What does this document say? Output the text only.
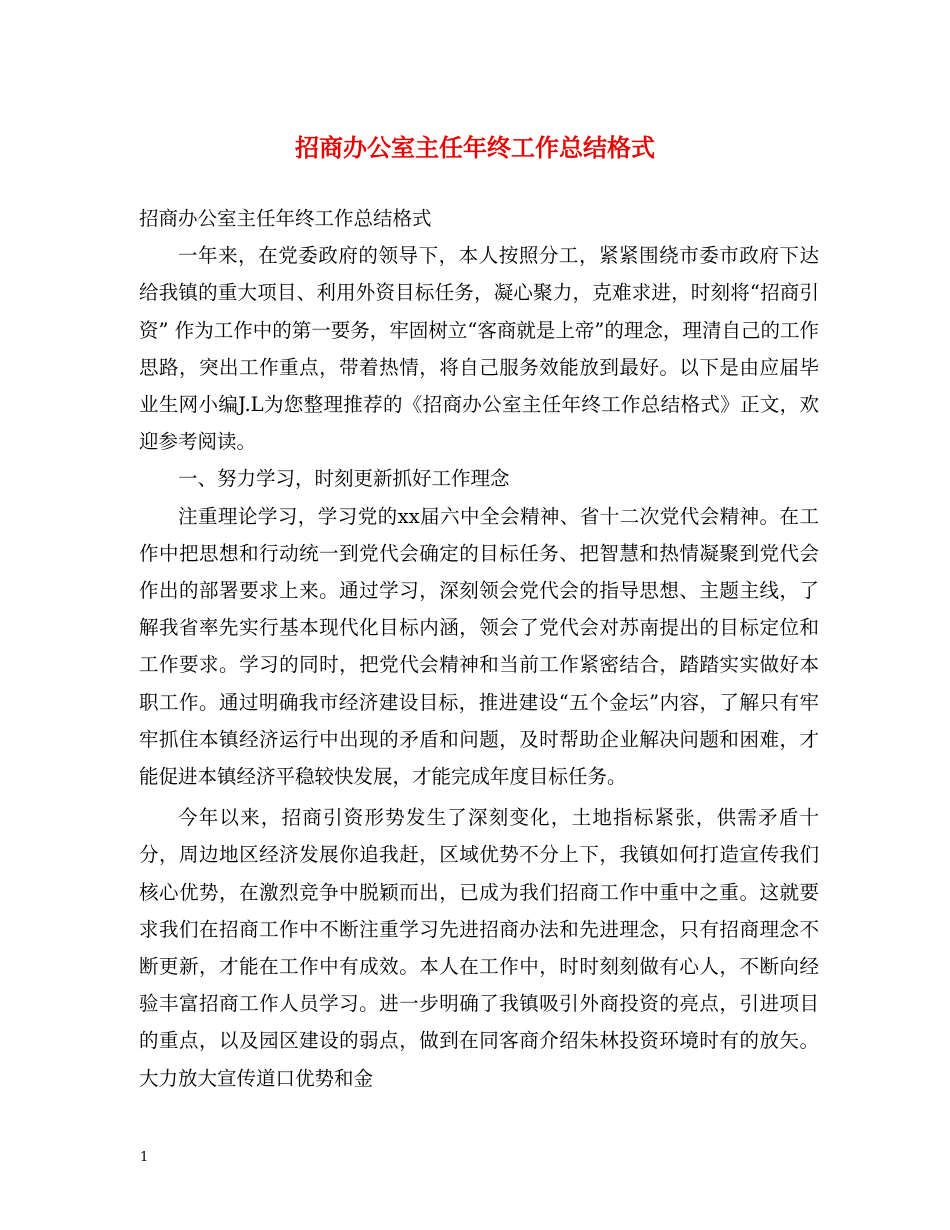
招商办公室主任年终工作总结格式

招商办公室主任年终工作总结格式

一年来，在党委政府的领导下，本人按照分工，紧紧围绕市委市政府下达给我镇的重大项目、利用外资目标任务，凝心聚力，克难求进，时刻将“招商引资” 作为工作中的第一要务，牢固树立“客商就是上帝”的理念，理清自己的工作思路，突出工作重点，带着热情，将自己服务效能放到最好。以下是由应届毕业生网小编J.L为您整理推荐的《招商办公室主任年终工作总结格式》正文，欢迎参考阅读。

一、努力学习，时刻更新抓好工作理念

注重理论学习，学习党的xx届六中全会精神、省十二次党代会精神。在工作中把思想和行动统一到党代会确定的目标任务、把智慧和热情凝聚到党代会作出的部署要求上来。通过学习，深刻领会党代会的指导思想、主题主线，了解我省率先实行基本现代化目标内涵，领会了党代会对苏南提出的目标定位和工作要求。学习的同时，把党代会精神和当前工作紧密结合，踏踏实实做好本职工作。通过明确我市经济建设目标，推进建设“五个金坛”内容，了解只有牢牢抓住本镇经济运行中出现的矛盾和问题，及时帮助企业解决问题和困难，才能促进本镇经济平稳较快发展，才能完成年度目标任务。

今年以来，招商引资形势发生了深刻变化，土地指标紧张，供需矛盾十分，周边地区经济发展你追我赶，区域优势不分上下，我镇如何打造宣传我们核心优势，在激烈竞争中脱颖而出，已成为我们招商工作中重中之重。这就要求我们在招商工作中不断注重学习先进招商办法和先进理念，只有招商理念不断更新，才能在工作中有成效。本人在工作中，时时刻刻做有心人，不断向经验丰富招商工作人员学习。进一步明确了我镇吸引外商投资的亮点，引进项目的重点，以及园区建设的弱点，做到在同客商介绍朱林投资环境时有的放矢。大力放大宣传道口优势和金

1
